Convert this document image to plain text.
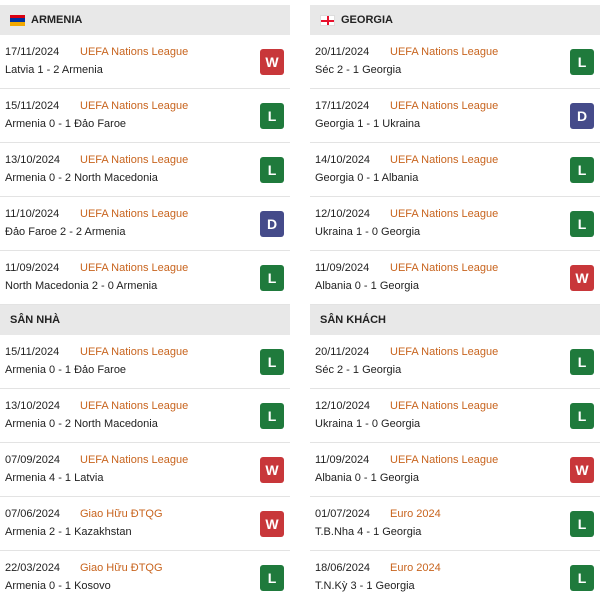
ARMENIA
17/11/2024 UEFA Nations League
Latvia 1 - 2 Armenia	W
15/11/2024 UEFA Nations League
Armenia 0 - 1 Đảo Faroe	L
13/10/2024 UEFA Nations League
Armenia 0 - 2 North Macedonia	L
11/10/2024 UEFA Nations League
Đảo Faroe 2 - 2 Armenia	D
11/09/2024 UEFA Nations League
North Macedonia 2 - 0 Armenia	L
SÂN NHÀ
15/11/2024 UEFA Nations League
Armenia 0 - 1 Đảo Faroe	L
13/10/2024 UEFA Nations League
Armenia 0 - 2 North Macedonia	L
07/09/2024 UEFA Nations League
Armenia 4 - 1 Latvia	W
07/06/2024 Giao Hữu ĐTQG
Armenia 2 - 1 Kazakhstan	W
22/03/2024 Giao Hữu ĐTQG
Armenia 0 - 1 Kosovo	L
GEORGIA
20/11/2024 UEFA Nations League
Séc 2 - 1 Georgia	L
17/11/2024 UEFA Nations League
Georgia 1 - 1 Ukraina	D
14/10/2024 UEFA Nations League
Georgia 0 - 1 Albania	L
12/10/2024 UEFA Nations League
Ukraina 1 - 0 Georgia	L
11/09/2024 UEFA Nations League
Albania 0 - 1 Georgia	W
SÂN KHÁCH
20/11/2024 UEFA Nations League
Séc 2 - 1 Georgia	L
12/10/2024 UEFA Nations League
Ukraina 1 - 0 Georgia	L
11/09/2024 UEFA Nations League
Albania 0 - 1 Georgia	W
01/07/2024 Euro 2024
T.B.Nha 4 - 1 Georgia	L
18/06/2024 Euro 2024
T.N.Kỳ 3 - 1 Georgia	L
